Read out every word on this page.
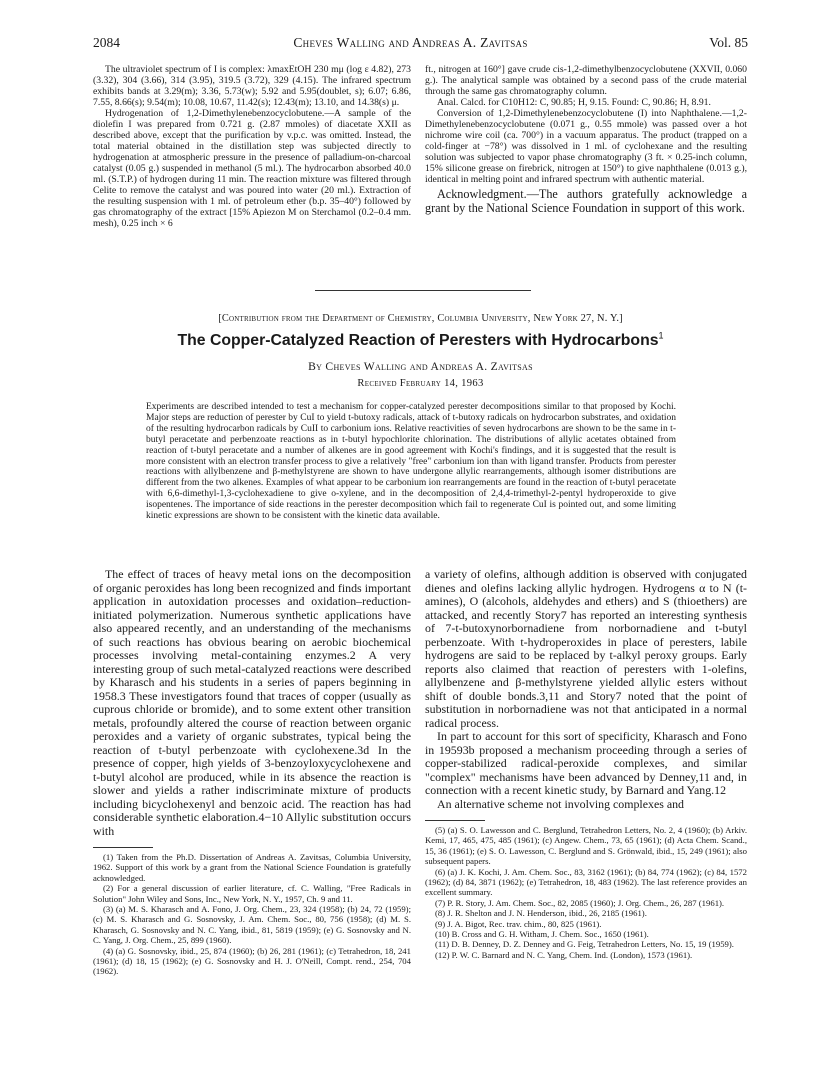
2084	Cheves Walling and Andreas A. Zavitsas	Vol. 85

The ultraviolet spectrum of I is complex: λmaxEtOH 230 mμ (log ε 4.82), 273 (3.32), 304 (3.66), 314 (3.95), 319.5 (3.72), 329 (4.15). The infrared spectrum exhibits bands at 3.29(m); 3.36, 5.73(w); 5.92 and 5.95(doublet, s); 6.07; 6.86, 7.55, 8.66(s); 9.54(m); 10.08, 10.67, 11.42(s); 12.43(m); 13.10, and 14.38(s) μ.

Hydrogenation of 1,2-Dimethylenebenzocyclobutene.—A sample of the diolefin I was prepared from 0.721 g. (2.87 mmoles) of diacetate XXII as described above, except that the purification by v.p.c. was omitted. Instead, the total material obtained in the distillation step was subjected directly to hydrogenation at atmospheric pressure in the presence of palladium-on-charcoal catalyst (0.05 g.) suspended in methanol (5 ml.). The hydrocarbon absorbed 40.0 ml. (S.T.P.) of hydrogen during 11 min. The reaction mixture was filtered through Celite to remove the catalyst and was poured into water (20 ml.). Extraction of the resulting suspension with 1 ml. of petroleum ether (b.p. 35–40°) followed by gas chromatography of the extract [15% Apiezon M on Sterchamol (0.2–0.4 mm. mesh), 0.25 inch × 6

ft., nitrogen at 160°] gave crude cis-1,2-dimethylbenzocyclobutene (XXVII, 0.060 g.). The analytical sample was obtained by a second pass of the crude material through the same gas chromatography column.

Anal. Calcd. for C10H12: C, 90.85; H, 9.15. Found: C, 90.86; H, 8.91.

Conversion of 1,2-Dimethylenebenzocyclobutene (I) into Naphthalene.—1,2-Dimethylenebenzocyclobutene (0.071 g., 0.55 mmole) was passed over a hot nichrome wire coil (ca. 700°) in a vacuum apparatus. The product (trapped on a cold-finger at −78°) was dissolved in 1 ml. of cyclohexane and the resulting solution was subjected to vapor phase chromatography (3 ft. × 0.25-inch column, 15% silicone grease on firebrick, nitrogen at 150°) to give naphthalene (0.013 g.), identical in melting point and infrared spectrum with authentic material.

Acknowledgment.—The authors gratefully acknowledge a grant by the National Science Foundation in support of this work.

[Contribution from the Department of Chemistry, Columbia University, New York 27, N. Y.]
The Copper-Catalyzed Reaction of Peresters with Hydrocarbons$^1$
By Cheves Walling and Andreas A. Zavitsas
Received February 14, 1963
Experiments are described intended to test a mechanism for copper-catalyzed perester decompositions similar to that proposed by Kochi. Major steps are reduction of perester by CuI to yield t-butoxy radicals, attack of t-butoxy radicals on hydrocarbon substrates, and oxidation of the resulting hydrocarbon radicals by CuII to carbonium ions. Relative reactivities of seven hydrocarbons are shown to be the same in t-butyl peracetate and perbenzoate reactions as in t-butyl hypochlorite chlorination. The distributions of allylic acetates obtained from reaction of t-butyl peracetate and a number of alkenes are in good agreement with Kochi's findings, and it is suggested that the result is more consistent with an electron transfer process to give a relatively "free" carbonium ion than with ligand transfer. Products from perester reactions with allylbenzene and β-methylstyrene are shown to have undergone allylic rearrangements, although isomer distributions are different from the two alkenes. Examples of what appear to be carbonium ion rearrangements are found in the reaction of t-butyl peracetate with 6,6-dimethyl-1,3-cyclohexadiene to give o-xylene, and in the decomposition of 2,4,4-trimethyl-2-pentyl hydroperoxide to give isopentenes. The importance of side reactions in the perester decomposition which fail to regenerate CuI is pointed out, and some limiting kinetic expressions are shown to be consistent with the kinetic data available.

The effect of traces of heavy metal ions on the decomposition of organic peroxides has long been recognized and finds important application in autoxidation processes and oxidation–reduction-initiated polymerization. Numerous synthetic applications have also appeared recently, and an understanding of the mechanisms of such reactions has obvious bearing on aerobic biochemical processes involving metal-containing enzymes.2 A very interesting group of such metal-catalyzed reactions were described by Kharasch and his students in a series of papers beginning in 1958.3 These investigators found that traces of copper (usually as cuprous chloride or bromide), and to some extent other transition metals, profoundly altered the course of reaction between organic peroxides and a variety of organic substrates, typical being the reaction of t-butyl perbenzoate with cyclohexene.3d In the presence of copper, high yields of 3-benzoyloxycyclohexene and t-butyl alcohol are produced, while in its absence the reaction is slower and yields a rather indiscriminate mixture of products including bicyclohexenyl and benzoic acid. The reaction has had considerable synthetic elaboration.4−10 Allylic substitution occurs with

(1) Taken from the Ph.D. Dissertation of Andreas A. Zavitsas, Columbia University, 1962. Support of this work by a grant from the National Science Foundation is gratefully acknowledged.

(2) For a general discussion of earlier literature, cf. C. Walling, "Free Radicals in Solution" John Wiley and Sons, Inc., New York, N. Y., 1957, Ch. 9 and 11.

(3) (a) M. S. Kharasch and A. Fono, J. Org. Chem., 23, 324 (1958); (b) 24, 72 (1959); (c) M. S. Kharasch and G. Sosnovsky, J. Am. Chem. Soc., 80, 756 (1958); (d) M. S. Kharasch, G. Sosnovsky and N. C. Yang, ibid., 81, 5819 (1959); (e) G. Sosnovsky and N. C. Yang, J. Org. Chem., 25, 899 (1960).

(4) (a) G. Sosnovsky, ibid., 25, 874 (1960); (b) 26, 281 (1961); (c) Tetrahedron, 18, 241 (1961); (d) 18, 15 (1962); (e) G. Sosnovsky and H. J. O'Neill, Compt. rend., 254, 704 (1962).

a variety of olefins, although addition is observed with conjugated dienes and olefins lacking allylic hydrogen. Hydrogens α to N (t-amines), O (alcohols, aldehydes and ethers) and S (thioethers) are attacked, and recently Story7 has reported an interesting synthesis of 7-t-butoxynorbornadiene from norbornadiene and t-butyl perbenzoate. With t-hydroperoxides in place of peresters, labile hydrogens are said to be replaced by t-alkyl peroxy groups. Early reports also claimed that reaction of peresters with 1-olefins, allylbenzene and β-methylstyrene yielded allylic esters without shift of double bonds.3,11 and Story7 noted that the point of substitution in norbornadiene was not that anticipated in a normal radical process.

In part to account for this sort of specificity, Kharasch and Fono in 19593b proposed a mechanism proceeding through a series of copper-stabilized radical-peroxide complexes, and similar "complex" mechanisms have been advanced by Denney,11 and, in connection with a recent kinetic study, by Barnard and Yang.12

An alternative scheme not involving complexes and

(5) (a) S. O. Lawesson and C. Berglund, Tetrahedron Letters, No. 2, 4 (1960); (b) Arkiv. Kemi, 17, 465, 475, 485 (1961); (c) Angew. Chem., 73, 65 (1961); (d) Acta Chem. Scand., 15, 36 (1961); (e) S. O. Lawesson, C. Berglund and S. Grönwald, ibid., 15, 249 (1961); also subsequent papers.

(6) (a) J. K. Kochi, J. Am. Chem. Soc., 83, 3162 (1961); (b) 84, 774 (1962); (c) 84, 1572 (1962); (d) 84, 3871 (1962); (e) Tetrahedron, 18, 483 (1962). The last reference provides an excellent summary.

(7) P. R. Story, J. Am. Chem. Soc., 82, 2085 (1960); J. Org. Chem., 26, 287 (1961).

(8) J. R. Shelton and J. N. Henderson, ibid., 26, 2185 (1961).

(9) J. A. Bigot, Rec. trav. chim., 80, 825 (1961).

(10) B. Cross and G. H. Witham, J. Chem. Soc., 1650 (1961).

(11) D. B. Denney, D. Z. Denney and G. Feig, Tetrahedron Letters, No. 15, 19 (1959).

(12) P. W. C. Barnard and N. C. Yang, Chem. Ind. (London), 1573 (1961).
